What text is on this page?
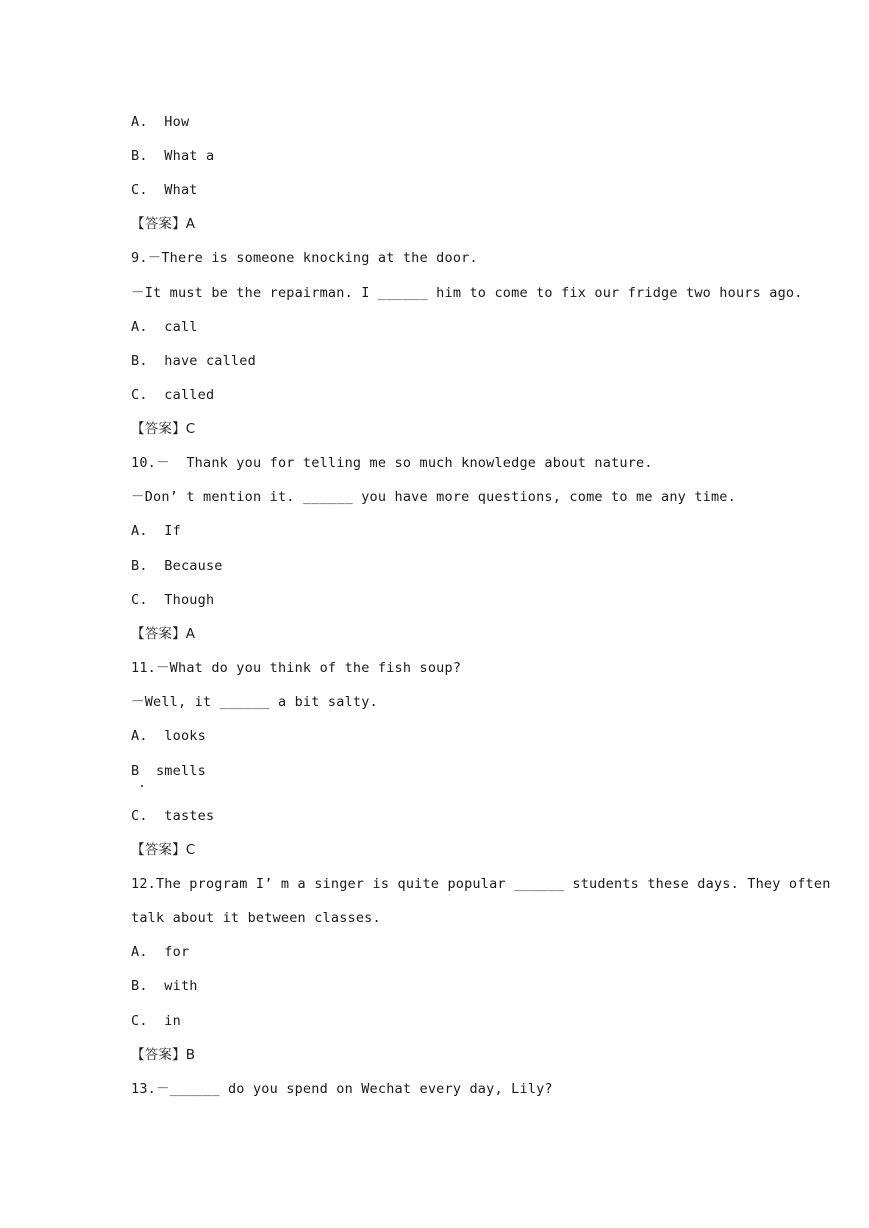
A.  How
B.  What a
C.  What
【答案】A
9.－There is someone knocking at the door.
－It must be the repairman. I ______ him to come to fix our fridge two hours ago.
A.  call
B.  have called
C.  called
【答案】C
10.－  Thank you for telling me so much knowledge about nature.
－Don’ t mention it. ______ you have more questions, come to me any time.
A.  If
B.  Because
C.  Though
【答案】A
11.－What do you think of the fish soup?
－Well, it ______ a bit salty.
A.  looks
B  smells
C.  tastes
【答案】C
12.The program I’ m a singer is quite popular ______ students these days. They often
talk about it between classes.
A.  for
B.  with
C.  in
【答案】B
13.－______ do you spend on Wechat every day, Lily?
